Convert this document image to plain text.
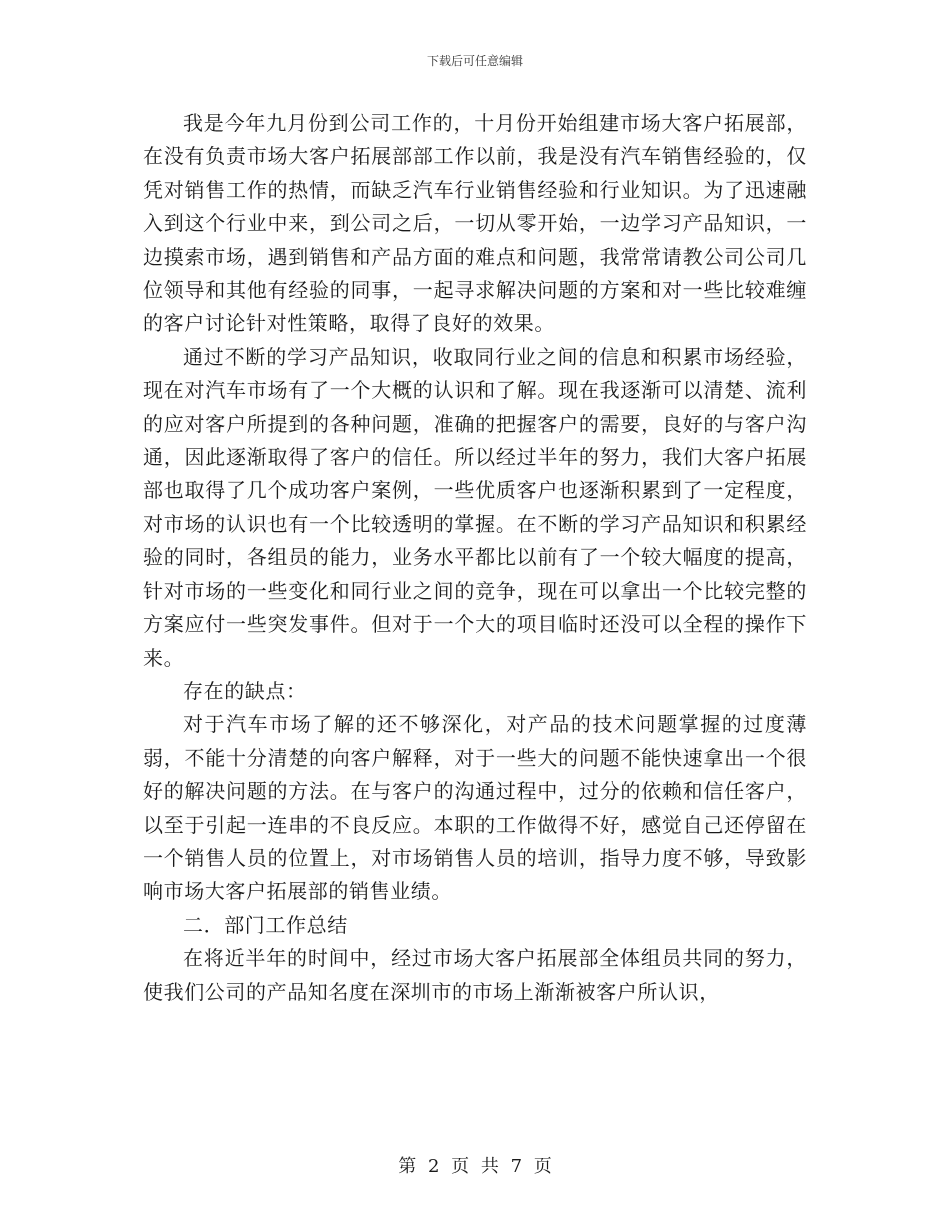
下载后可任意编辑

我是今年九月份到公司工作的，十月份开始组建市场大客户拓展部，在没有负责市场大客户拓展部部工作以前，我是没有汽车销售经验的，仅凭对销售工作的热情，而缺乏汽车行业销售经验和行业知识。为了迅速融入到这个行业中来，到公司之后，一切从零开始，一边学习产品知识，一边摸索市场，遇到销售和产品方面的难点和问题，我常常请教公司公司几位领导和其他有经验的同事，一起寻求解决问题的方案和对一些比较难缠的客户讨论针对性策略，取得了良好的效果。

通过不断的学习产品知识，收取同行业之间的信息和积累市场经验，现在对汽车市场有了一个大概的认识和了解。现在我逐渐可以清楚、流利的应对客户所提到的各种问题，准确的把握客户的需要，良好的与客户沟通，因此逐渐取得了客户的信任。所以经过半年的努力，我们大客户拓展部也取得了几个成功客户案例，一些优质客户也逐渐积累到了一定程度，对市场的认识也有一个比较透明的掌握。在不断的学习产品知识和积累经验的同时，各组员的能力，业务水平都比以前有了一个较大幅度的提高，针对市场的一些变化和同行业之间的竞争，现在可以拿出一个比较完整的方案应付一些突发事件。但对于一个大的项目临时还没可以全程的操作下来。

存在的缺点：

对于汽车市场了解的还不够深化，对产品的技术问题掌握的过度薄弱，不能十分清楚的向客户解释，对于一些大的问题不能快速拿出一个很好的解决问题的方法。在与客户的沟通过程中，过分的依赖和信任客户，以至于引起一连串的不良反应。本职的工作做得不好，感觉自己还停留在一个销售人员的位置上，对市场销售人员的培训，指导力度不够，导致影响市场大客户拓展部的销售业绩。

二．部门工作总结

在将近半年的时间中，经过市场大客户拓展部全体组员共同的努力，使我们公司的产品知名度在深圳市的市场上渐渐被客户所认识，

第 2 页 共 7 页
